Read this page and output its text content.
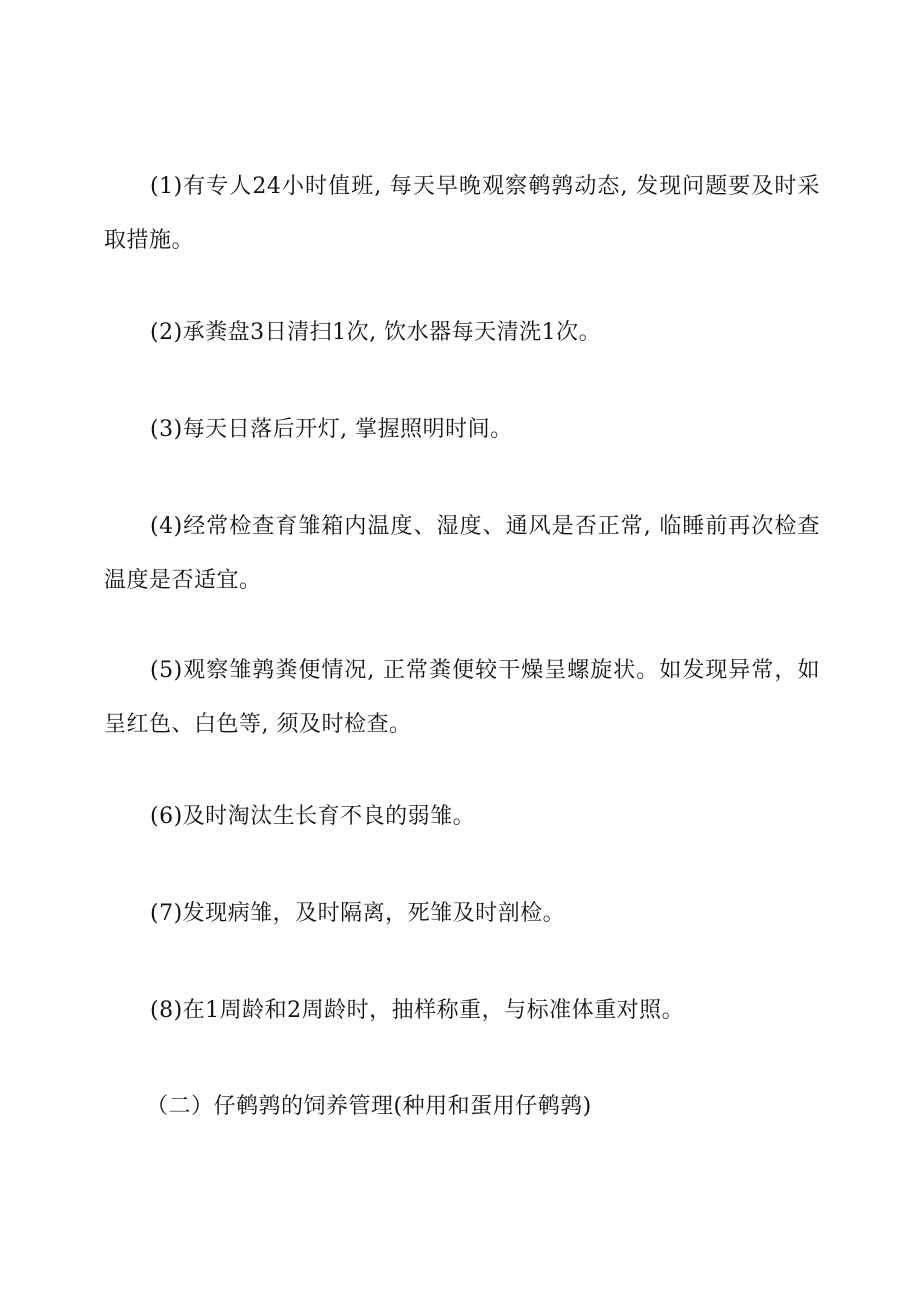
(1)有专人24小时值班, 每天早晚观察鹌鹑动态, 发现问题要及时采取措施。

(2)承粪盘3日清扫1次, 饮水器每天清洗1次。

(3)每天日落后开灯, 掌握照明时间。

(4)经常检查育雏箱内温度、湿度、通风是否正常, 临睡前再次检查温度是否适宜。

(5)观察雏鹑粪便情况, 正常粪便较干燥呈螺旋状。如发现异常，如呈红色、白色等, 须及时检查。

(6)及时淘汰生长育不良的弱雏。

(7)发现病雏，及时隔离，死雏及时剖检。

(8)在1周龄和2周龄时，抽样称重，与标准体重对照。

（二）仔鹌鹑的饲养管理(种用和蛋用仔鹌鹑)
